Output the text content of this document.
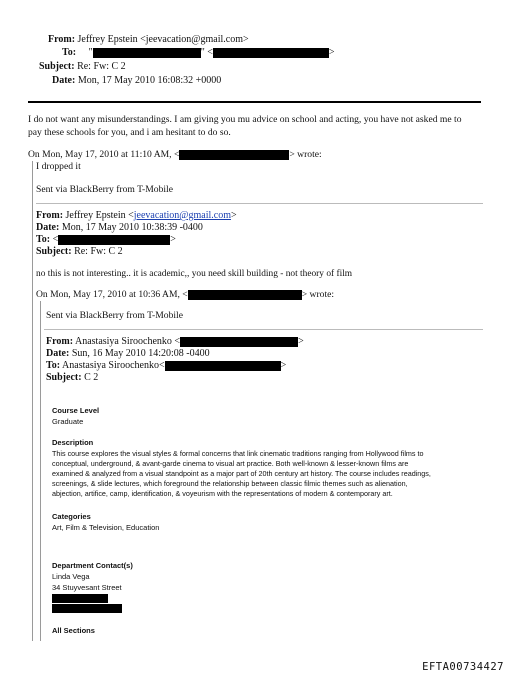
From: Jeffrey Epstein <jeevacation@gmail.com>
To: "	" <	>
Subject: Re: Fw: C 2
Date: Mon, 17 May 2010 16:08:32 +0000
I do not want any misunderstandings. I am giving you mu advice on school and acting, you have not asked me to
pay these schools for you, and i am hesitant to do so.
On Mon, May 17, 2010 at 11:10 AM, <	> wrote:
I dropped it
Sent via BlackBerry from T-Mobile
From: Jeffrey Epstein <jeevacation@gmail.com>
Date: Mon, 17 May 2010 10:38:39 -0400
To: <	>
Subject: Re: Fw: C 2
no this is not interesting.. it is academic,, you need skill building - not theory of film
On Mon, May 17, 2010 at 10:36 AM, <	> wrote:
Sent via BlackBerry from T-Mobile
From: Anastasiya Siroochenko <	>
Date: Sun, 16 May 2010 14:20:08 -0400
To: Anastasiya Siroochenko<	>
Subject: C 2
Course Level
Graduate
Description
This course explores the visual styles & formal concerns that link cinematic traditions ranging from Hollywood films to
conceptual, underground, & avant-garde cinema to visual art practice. Both well-known & lesser-known films are
examined & analyzed from a visual standpoint as a major part of 20th century art history. The course includes readings,
screenings, & slide lectures, which foreground the relationship between classic filmic themes such as alienation,
abjection, artifice, camp, identification, & voyeurism with the representations of modern & contemporary art.
Categories
Art, Film & Television, Education
Department Contact(s)
Linda Vega
34 Stuyvesant Street
All Sections
EFTA00734427
